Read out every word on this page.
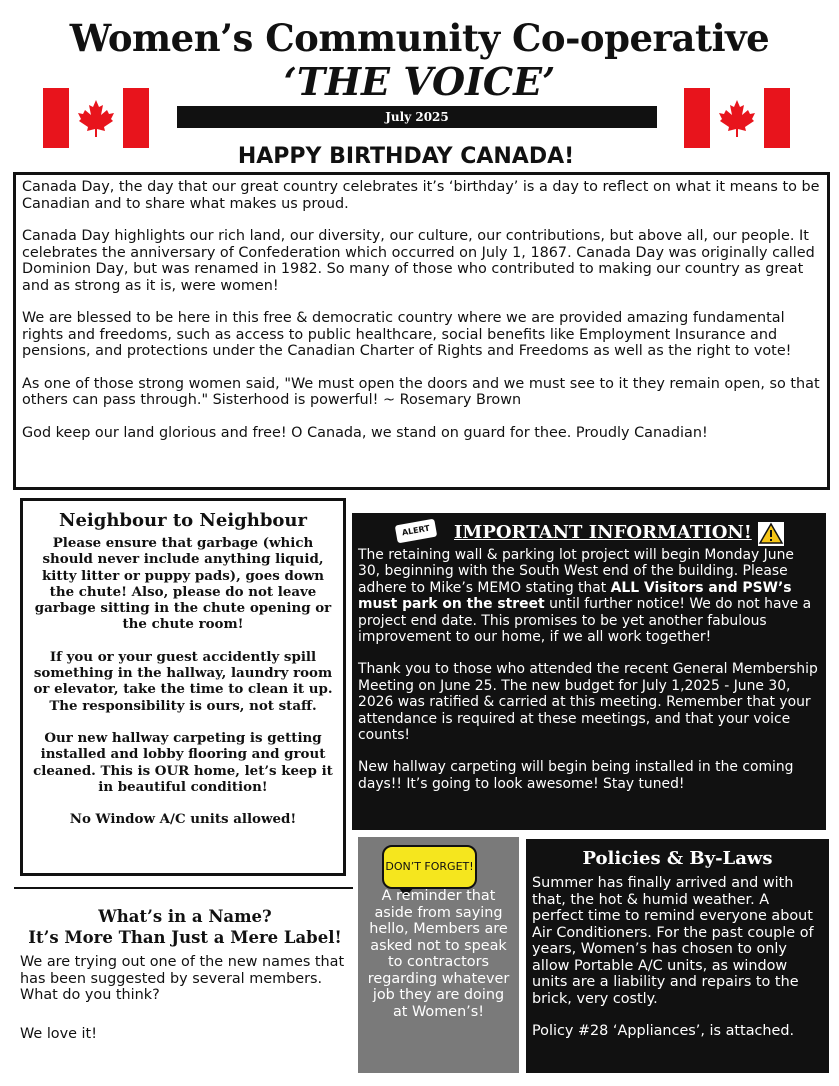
Women’s Community Co-operative
‘THE VOICE’
July 2025
HAPPY BIRTHDAY CANADA!

Canada Day, the day that our great country celebrates it’s ‘birthday’ is a day to reflect on what it means to be Canadian and to share what makes us proud.

Canada Day highlights our rich land, our diversity, our culture, our contributions, but above all, our people. It celebrates the anniversary of Confederation which occurred on July 1, 1867. Canada Day was originally called Dominion Day, but was renamed in 1982. So many of those who contributed to making our country as great and as strong as it is, were women!

We are blessed to be here in this free & democratic country where we are provided amazing fundamental rights and freedoms, such as access to public healthcare, social benefits like Employment Insurance and pensions, and protections under the Canadian Charter of Rights and Freedoms as well as the right to vote!

As one of those strong women said, "We must open the doors and we must see to it they remain open, so that others can pass through." Sisterhood is powerful! ~ Rosemary Brown

God keep our land glorious and free! O Canada, we stand on guard for thee. Proudly Canadian!

Neighbour to Neighbour

Please ensure that garbage (which should never include anything liquid, kitty litter or puppy pads), goes down the chute! Also, please do not leave garbage sitting in the chute opening or the chute room!

If you or your guest accidently spill something in the hallway, laundry room or elevator, take the time to clean it up. The responsibility is ours, not staff.

Our new hallway carpeting is getting installed and lobby flooring and grout cleaned. This is OUR home, let’s keep it in beautiful condition!

No Window A/C units allowed!

What’s in a Name?
It’s More Than Just a Mere Label!

We are trying out one of the new names that has been suggested by several members. What do you think?

We love it!

ALERT	IMPORTANT INFORMATION!

The retaining wall & parking lot project will begin Monday June 30, beginning with the South West end of the building. Please adhere to Mike’s MEMO stating that ALL Visitors and PSW’s must park on the street until further notice! We do not have a project end date. This promises to be yet another fabulous improvement to our home, if we all work together!

Thank you to those who attended the recent General Membership Meeting on June 25. The new budget for July 1,2025 - June 30, 2026 was ratified & carried at this meeting. Remember that your attendance is required at these meetings, and that your voice counts!

New hallway carpeting will begin being installed in the coming days!! It’s going to look awesome! Stay tuned!

DON’T FORGET!

A reminder that aside from saying hello, Members are asked not to speak to contractors regarding whatever job they are doing at Women’s!

Policies & By-Laws

Summer has finally arrived and with that, the hot & humid weather. A perfect time to remind everyone about Air Conditioners. For the past couple of years, Women’s has chosen to only allow Portable A/C units, as window units are a liability and repairs to the brick, very costly.

Policy #28 ‘Appliances’, is attached.
